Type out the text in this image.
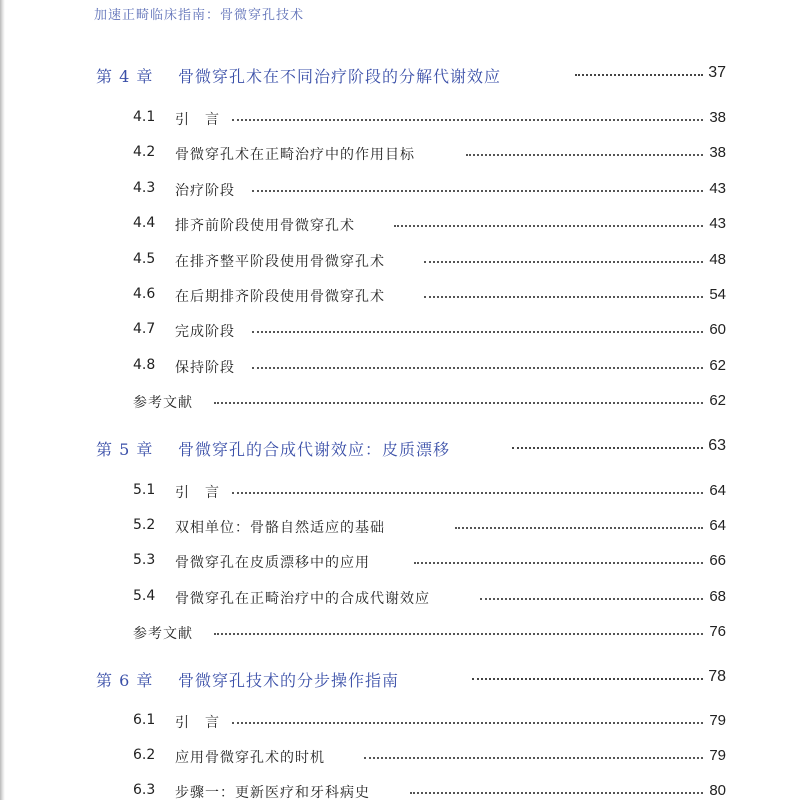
加速正畸临床指南：骨微穿孔技术
第 4 章 骨微穿孔术在不同治疗阶段的分解代谢效应	37
4.1 引　言	38
4.2 骨微穿孔术在正畸治疗中的作用目标	38
4.3 治疗阶段	43
4.4 排齐前阶段使用骨微穿孔术	43
4.5 在排齐整平阶段使用骨微穿孔术	48
4.6 在后期排齐阶段使用骨微穿孔术	54
4.7 完成阶段	60
4.8 保持阶段	62
参考文献	62
第 5 章 骨微穿孔的合成代谢效应：皮质漂移	63
5.1 引　言	64
5.2 双相单位：骨骼自然适应的基础	64
5.3 骨微穿孔在皮质漂移中的应用	66
5.4 骨微穿孔在正畸治疗中的合成代谢效应	68
参考文献	76
第 6 章 骨微穿孔技术的分步操作指南	78
6.1 引　言	79
6.2 应用骨微穿孔术的时机	79
6.3 步骤一：更新医疗和牙科病史	80
